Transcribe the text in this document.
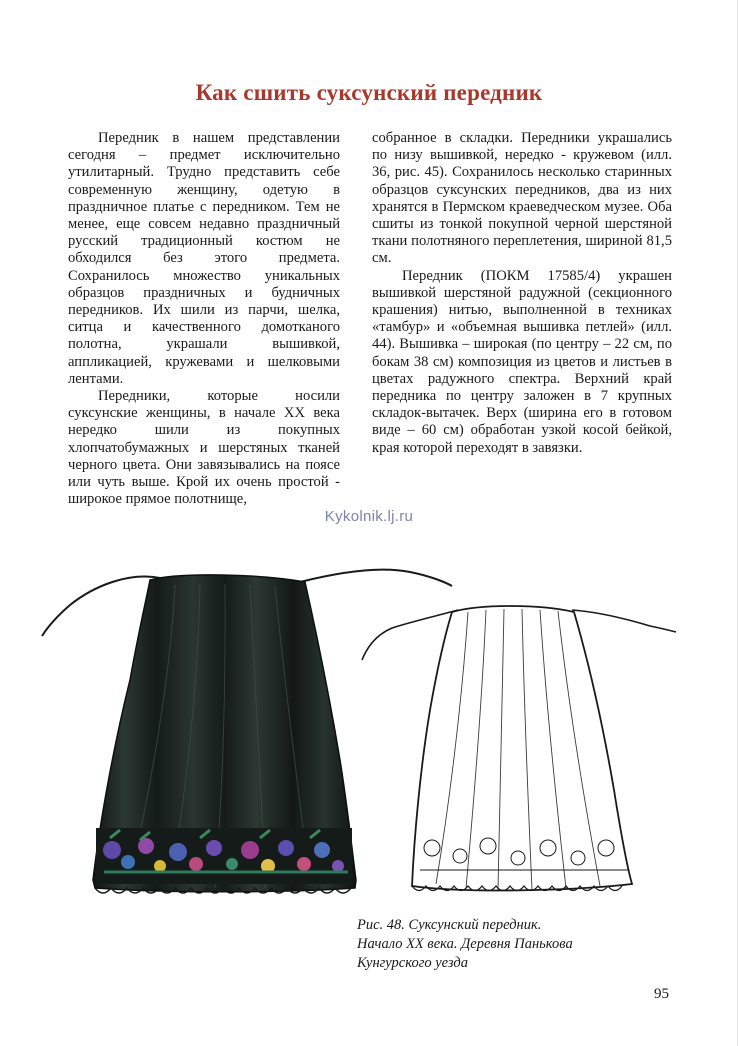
Как сшить суксунский передник

Передник в нашем представлении сегодня – предмет исключительно утилитарный. Трудно представить себе современную женщину, одетую в праздничное платье с передником. Тем не менее, еще совсем недавно праздничный русский традиционный костюм не обходился без этого предмета. Сохранилось множество уникальных образцов праздничных и будничных передников. Их шили из парчи, шелка, ситца и качественного домотканого полотна, украшали вышивкой, аппликацией, кружевами и шелковыми лентами.

Передники, которые носили суксунские женщины, в начале XX века нередко шили из покупных хлопчатобумажных и шерстяных тканей черного цвета. Они завязывались на поясе или чуть выше. Крой их очень простой - широкое прямое полотнище,

собранное в складки. Передники украшались по низу вышивкой, нередко - кружевом (илл. 36, рис. 45). Сохранилось несколько старинных образцов суксунских передников, два из них хранятся в Пермском краеведческом музее. Оба сшиты из тонкой покупной черной шерстяной ткани полотняного переплетения, шириной 81,5 см.

Передник (ПОКМ 17585/4) украшен вышивкой шерстяной радужной (секционного крашения) нитью, выполненной в техниках «тамбур» и «объемная вышивка петлей» (илл. 44). Вышивка – широкая (по центру – 22 см, по бокам 38 см) композиция из цветов и листьев в цветах радужного спектра. Верхний край передника по центру заложен в 7 крупных складок-вытачек. Верх (ширина его в готовом виде – 60 см) обработан узкой косой бейкой, края которой переходят в завязки.

Kykolnik.lj.ru
Рис. 48. Суксунский передник.
Начало XX века. Деревня Панькова
Кунгурского уезда
95
